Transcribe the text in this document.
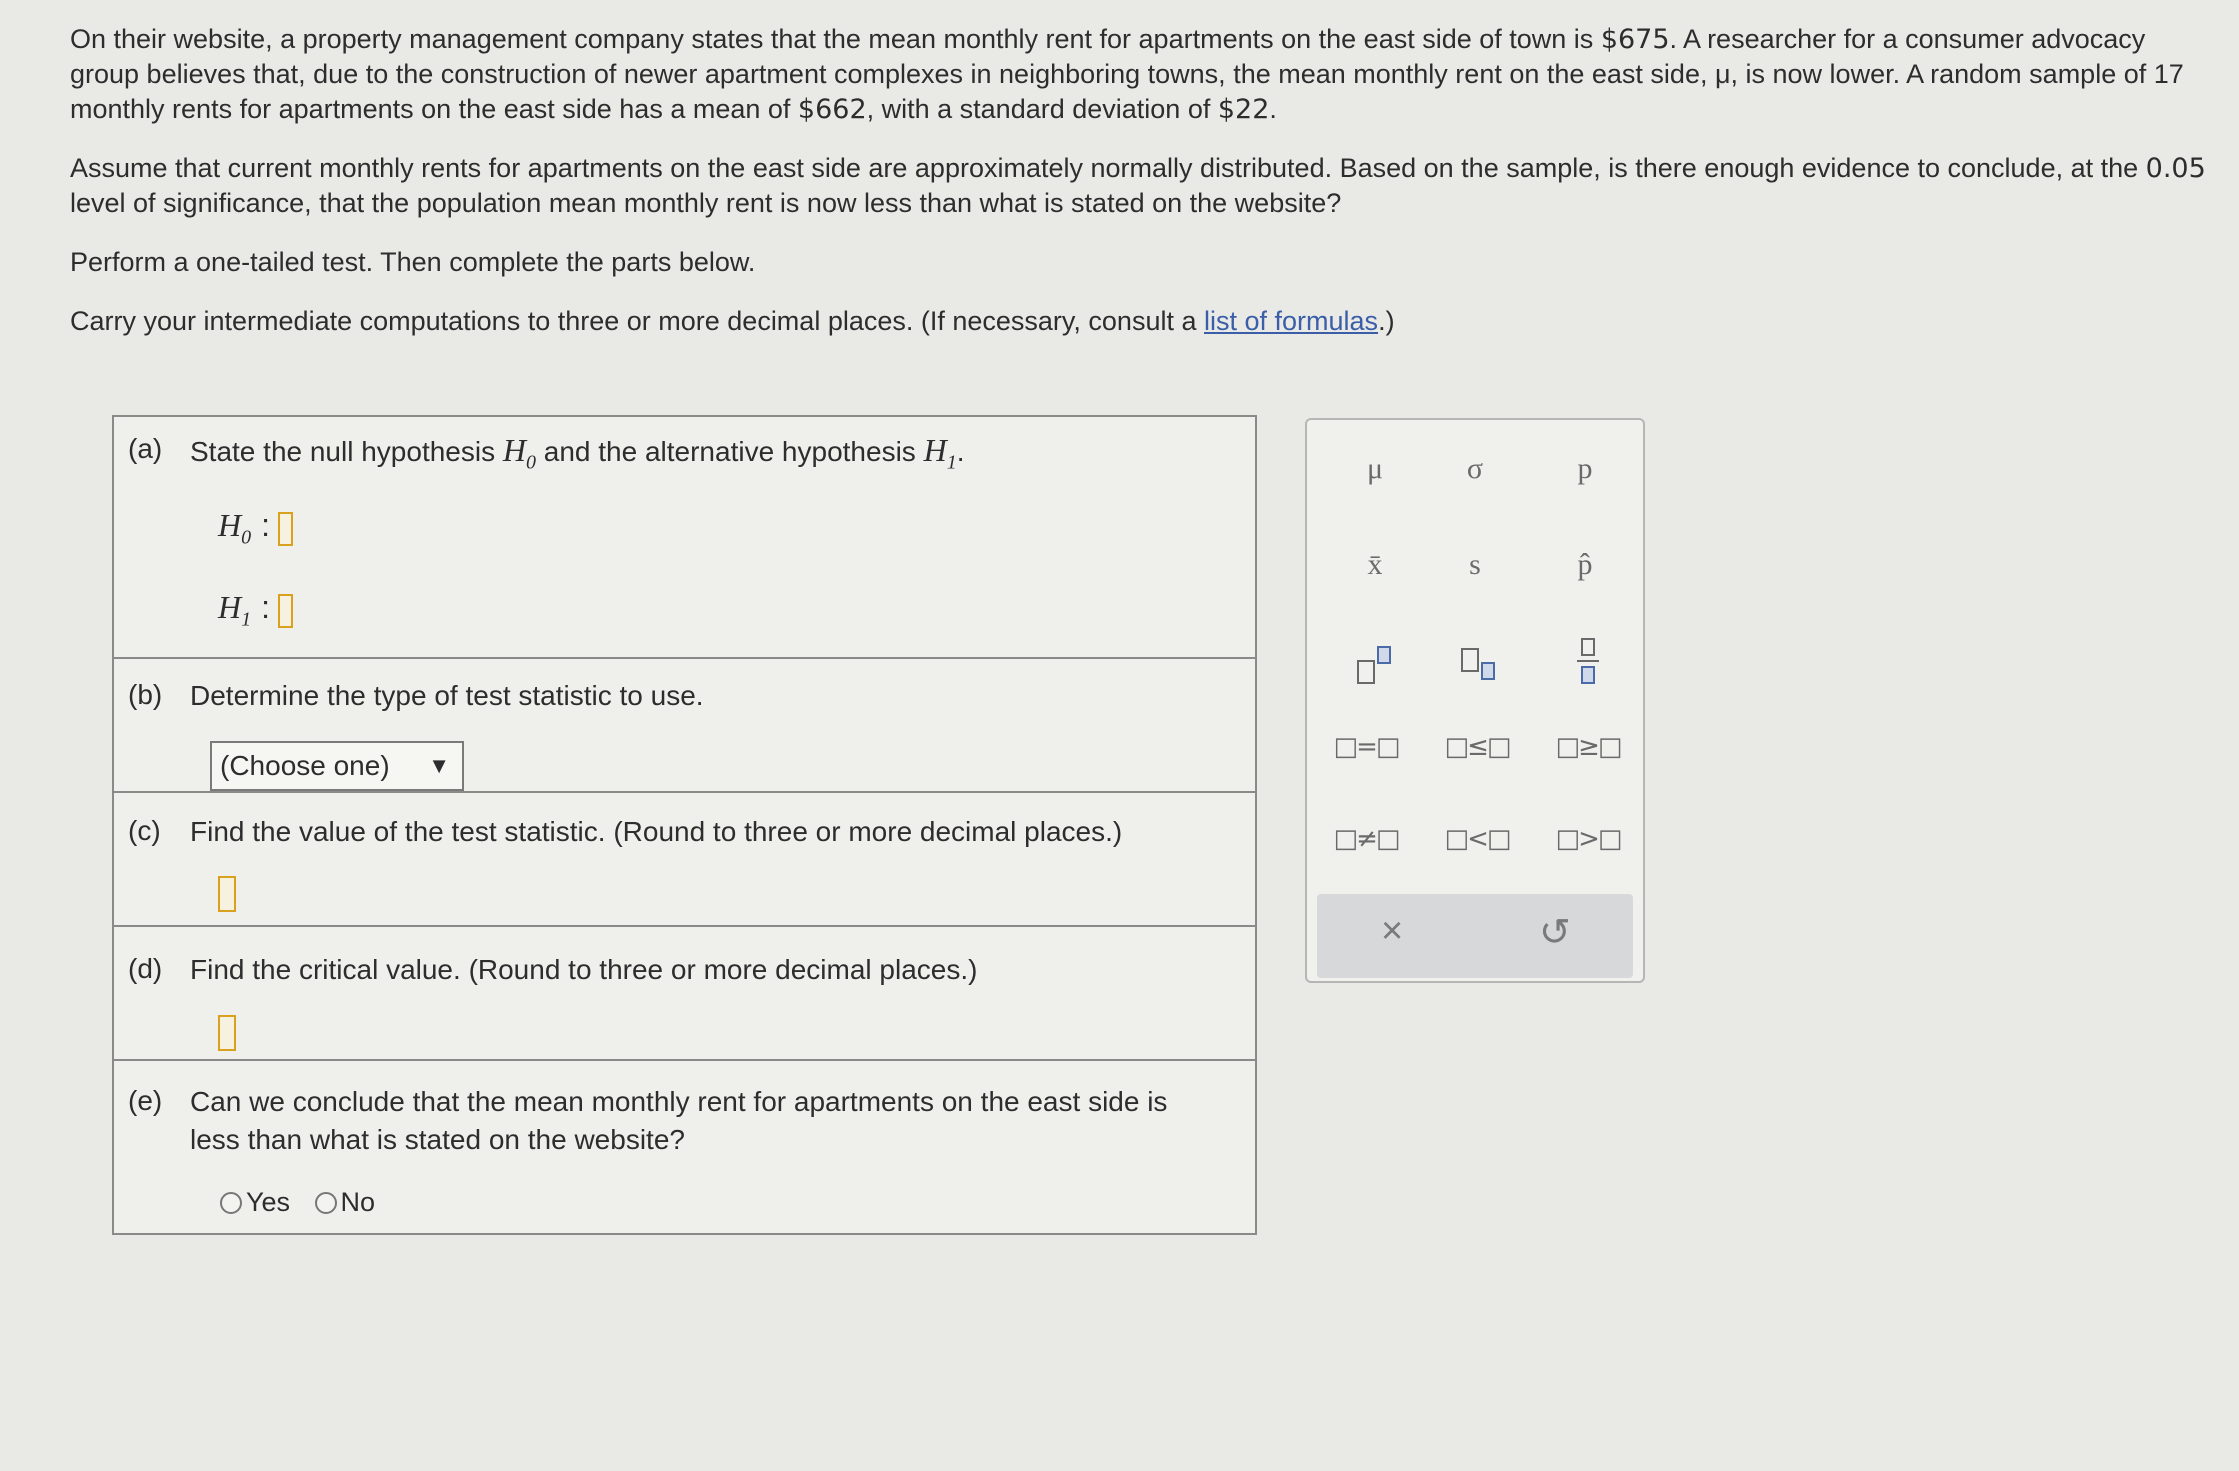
On their website, a property management company states that the mean monthly rent for apartments on the east side of town is $675. A researcher for a consumer advocacy group believes that, due to the construction of newer apartment complexes in neighboring towns, the mean monthly rent on the east side, μ, is now lower. A random sample of 17 monthly rents for apartments on the east side has a mean of $662, with a standard deviation of $22.

Assume that current monthly rents for apartments on the east side are approximately normally distributed. Based on the sample, is there enough evidence to conclude, at the 0.05 level of significance, that the population mean monthly rent is now less than what is stated on the website?

Perform a one-tailed test. Then complete the parts below.

Carry your intermediate computations to three or more decimal places. (If necessary, consult a list of formulas.)

(a) State the null hypothesis $H_0$ and the alternative hypothesis $H_1$.
$H_0$ :
$H_1$ :
(b) Determine the type of test statistic to use.
(Choose one) ▼
(c) Find the value of the test statistic. (Round to three or more decimal places.)
(d) Find the critical value. (Round to three or more decimal places.)
(e) Can we conclude that the mean monthly rent for apartments on the east side is less than what is stated on the website?
Yes
No
μ	σ	p
x̄	s	p̂
□=□	□≤□	□≥□
□≠□	□<□	□>□
×	↺
